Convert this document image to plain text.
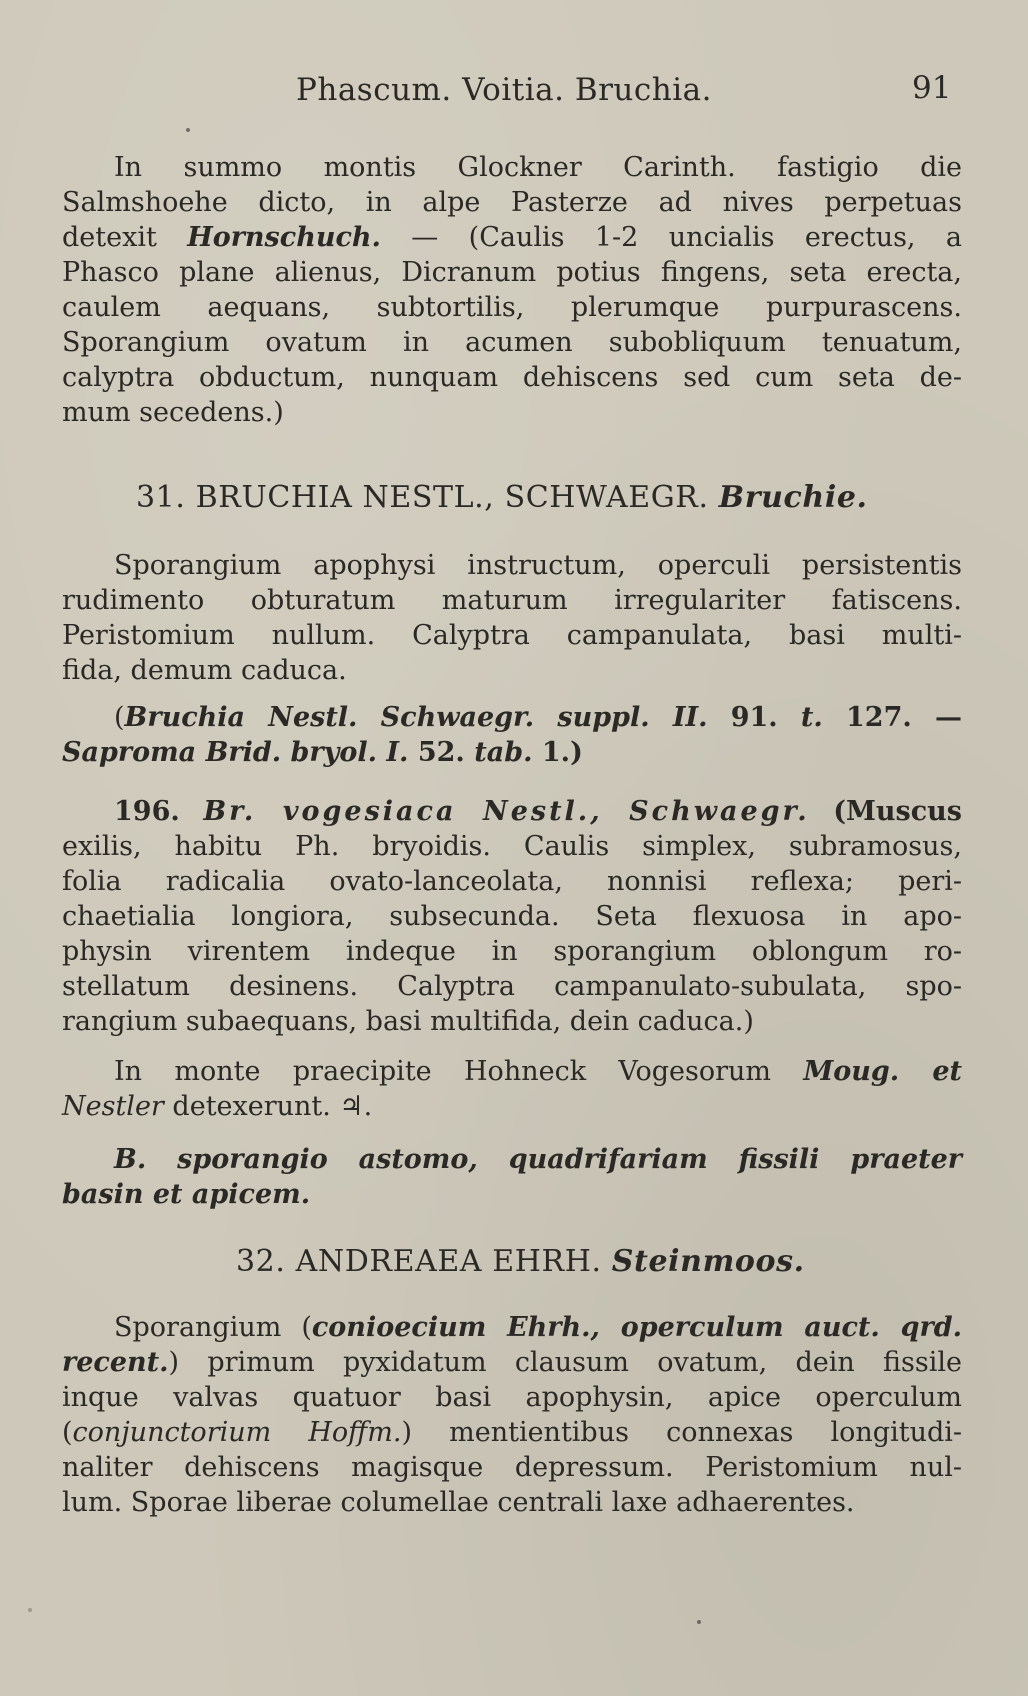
Phascum. Voitia. Bruchia.	91
In summo montis Glockner Carinth. fastigio die
Salmshoehe dicto, in alpe Pasterze ad nives perpetuas
detexit Hornschuch. — (Caulis 1-2 uncialis erectus, a
Phasco plane alienus, Dicranum potius fingens, seta erecta,
caulem aequans, subtortilis, plerumque purpurascens.
Sporangium ovatum in acumen subobliquum tenuatum,
calyptra obductum, nunquam dehiscens sed cum seta de-
mum secedens.)
31. BRUCHIA NESTL., SCHWAEGR. Bruchie.
Sporangium apophysi instructum, operculi persistentis
rudimento obturatum maturum irregulariter fatiscens.
Peristomium nullum. Calyptra campanulata, basi multi-
fida, demum caduca.
(Bruchia Nestl. Schwaegr. suppl. II. 91. t. 127. —
Saproma Brid. bryol. I. 52. tab. 1.)
196. Br. vogesiaca Nestl., Schwaegr. (Muscus
exilis, habitu Ph. bryoidis. Caulis simplex, subramosus,
folia radicalia ovato-lanceolata, nonnisi reflexa; peri-
chaetialia longiora, subsecunda. Seta flexuosa in apo-
physin virentem indeque in sporangium oblongum ro-
stellatum desinens. Calyptra campanulato-subulata, spo-
rangium subaequans, basi multifida, dein caduca.)
In monte praecipite Hohneck Vogesorum Moug. et
Nestler detexerunt. ♃.
B. sporangio astomo, quadrifariam fissili praeter
basin et apicem.
32. ANDREAEA EHRH. Steinmoos.
Sporangium (conioecium Ehrh., operculum auct. qrd.
recent.) primum pyxidatum clausum ovatum, dein fissile
inque valvas quatuor basi apophysin, apice operculum
(conjunctorium Hoffm.) mentientibus connexas longitudi-
naliter dehiscens magisque depressum. Peristomium nul-
lum. Sporae liberae columellae centrali laxe adhaerentes.
